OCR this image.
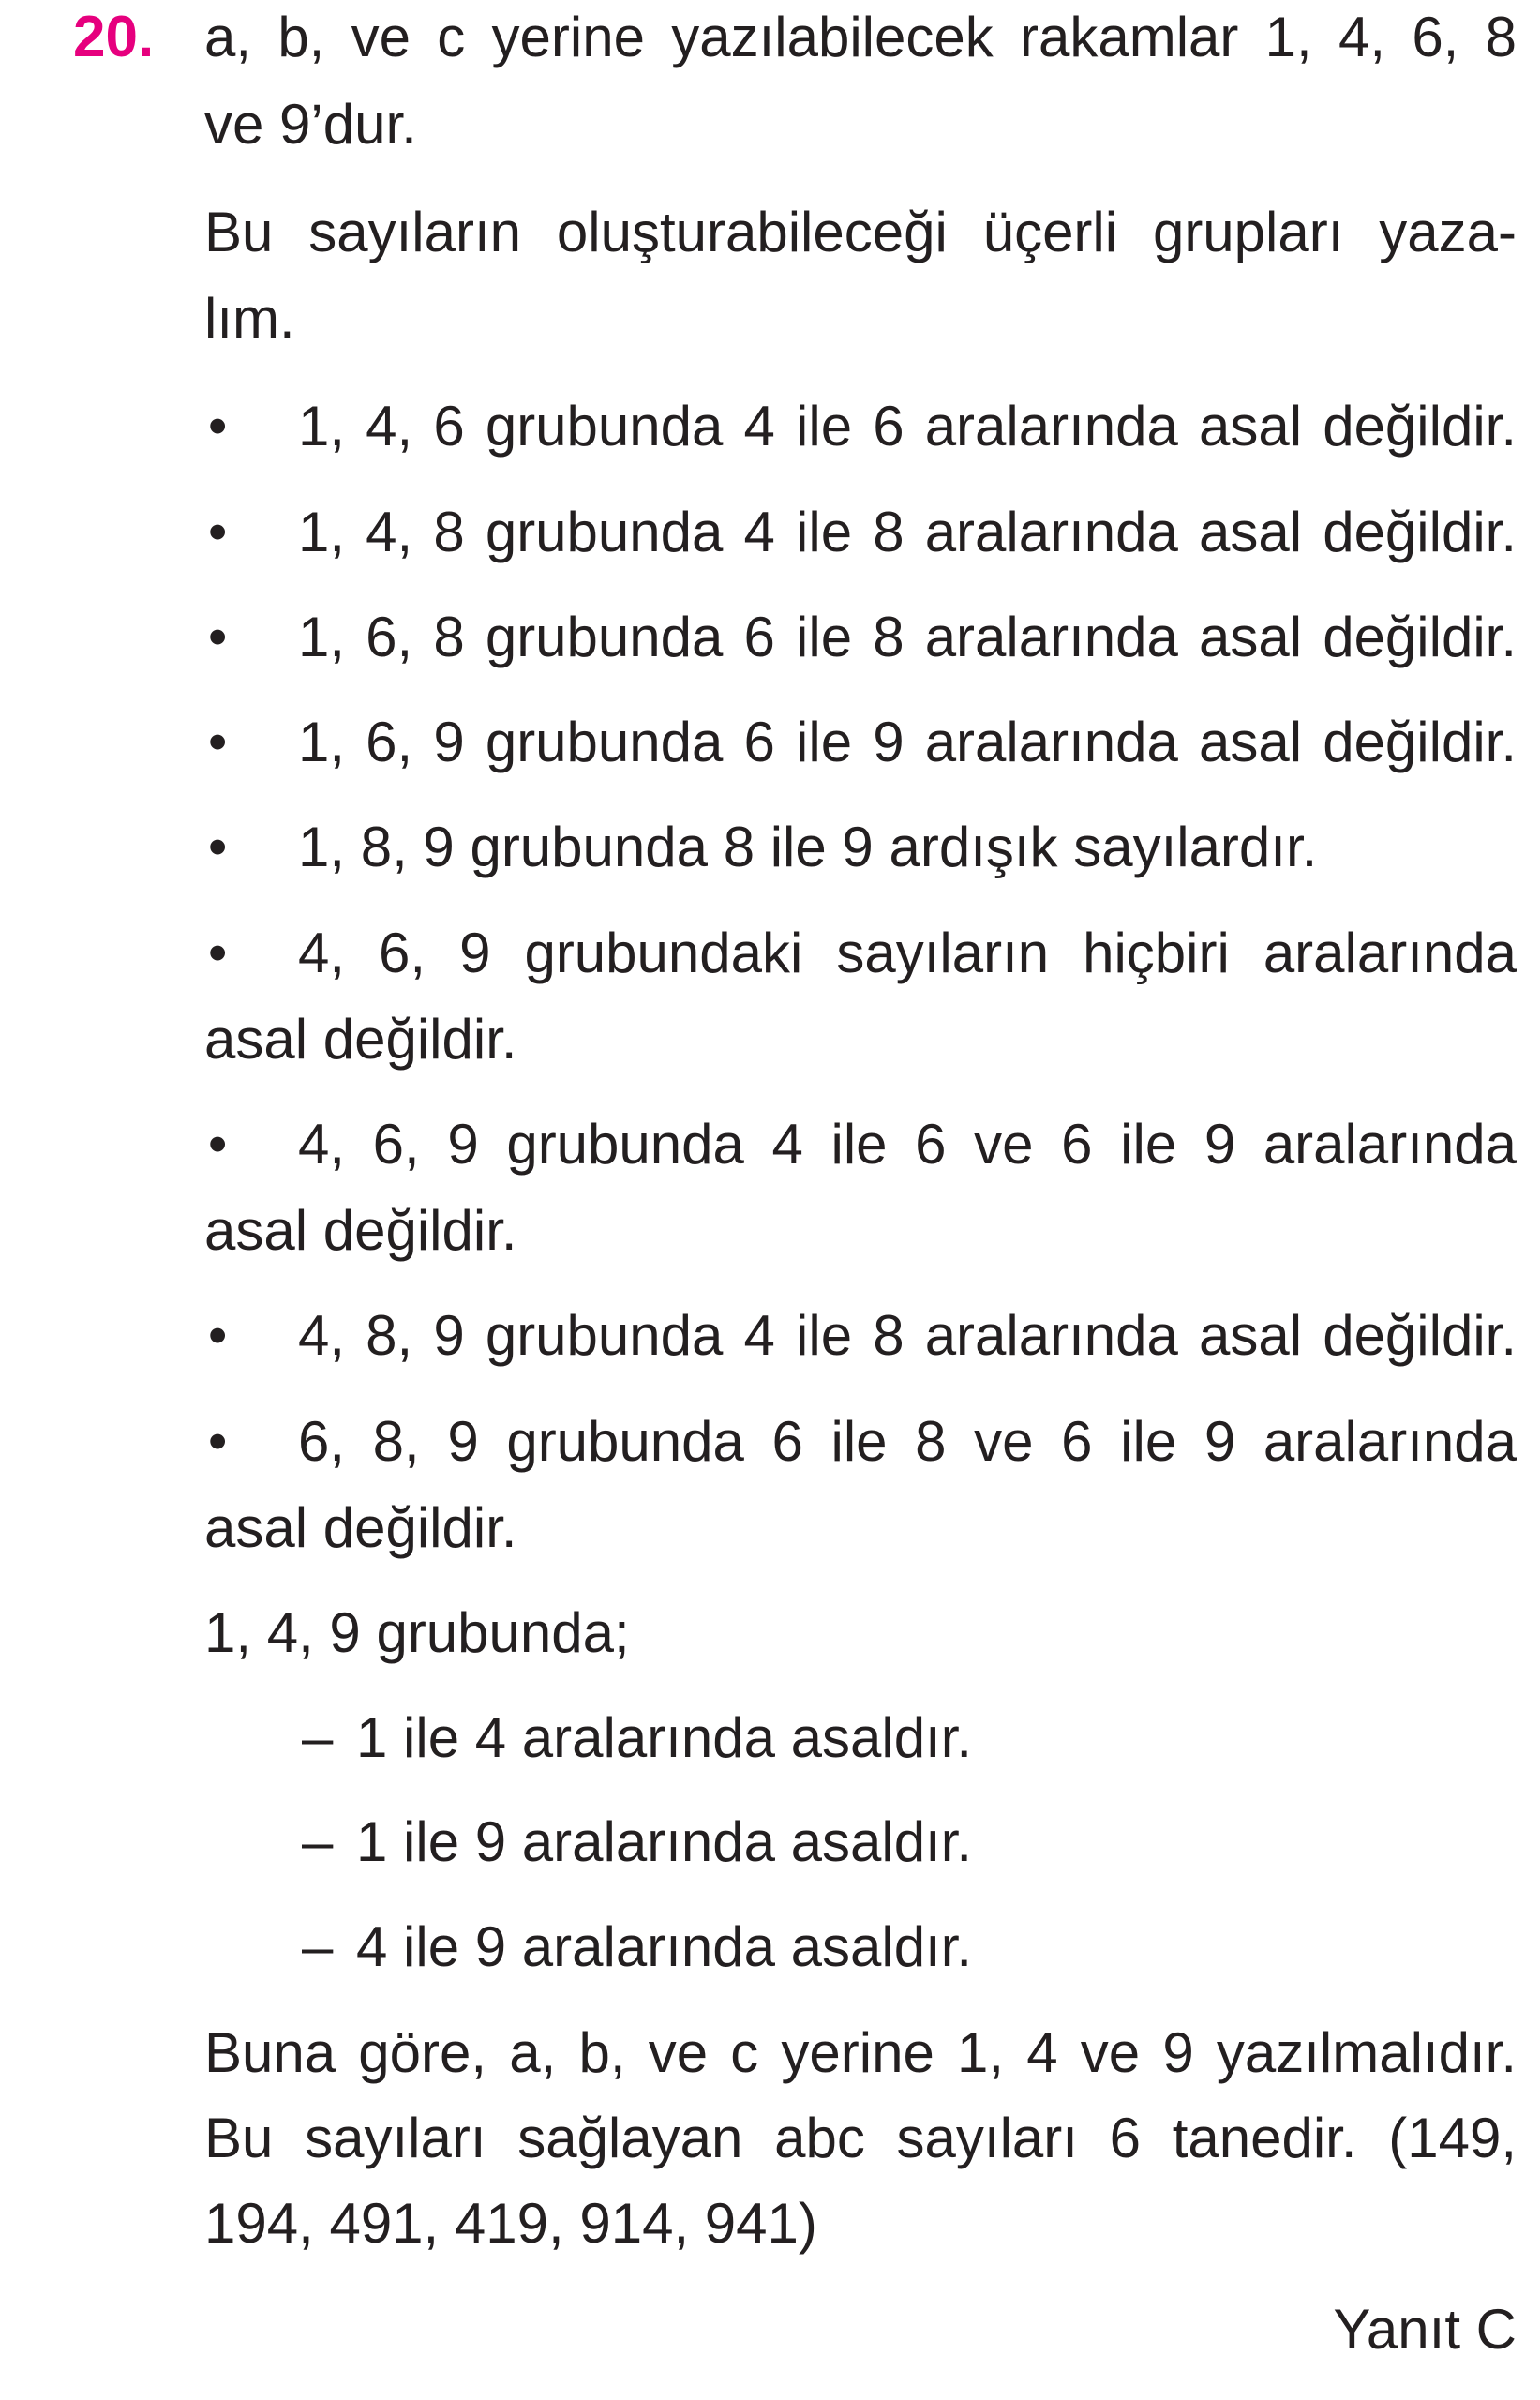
20. a, b, ve c yerine yazılabilecek rakamlar 1, 4, 6, 8
ve 9’dur.
Bu sayıların oluşturabileceği üçerli grupları yaza-
lım.
• 1, 4, 6 grubunda 4 ile 6 aralarında asal değildir.
• 1, 4, 8 grubunda 4 ile 8 aralarında asal değildir.
• 1, 6, 8 grubunda 6 ile 8 aralarında asal değildir.
• 1, 6, 9 grubunda 6 ile 9 aralarında asal değildir.
• 1, 8, 9 grubunda 8 ile 9 ardışık sayılardır.
• 4, 6, 9 grubundaki sayıların hiçbiri aralarında
asal değildir.
• 4, 6, 9 grubunda 4 ile 6 ve 6 ile 9 aralarında
asal değildir.
• 4, 8, 9 grubunda 4 ile 8 aralarında asal değildir.
• 6, 8, 9 grubunda 6 ile 8 ve 6 ile 9 aralarında
asal değildir.
1, 4, 9 grubunda;
– 1 ile 4 aralarında asaldır.
– 1 ile 9 aralarında asaldır.
– 4 ile 9 aralarında asaldır.
Buna göre, a, b, ve c yerine 1, 4 ve 9 yazılmalıdır.
Bu sayıları sağlayan abc sayıları 6 tanedir. (149,
194, 491, 419, 914, 941)
Yanıt C
